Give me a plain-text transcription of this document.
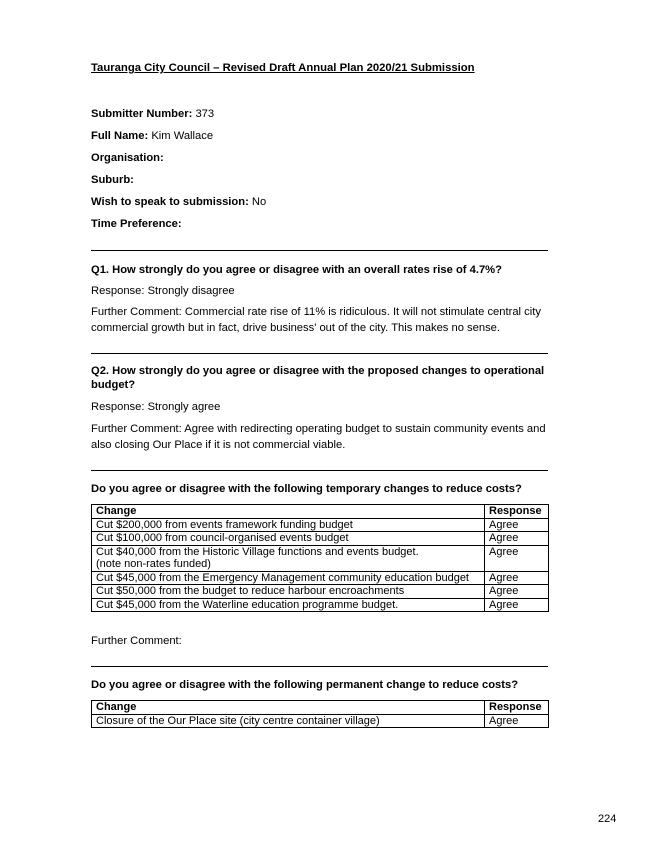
Tauranga City Council – Revised Draft Annual Plan 2020/21 Submission
Submitter Number: 373
Full Name: Kim Wallace
Organisation:
Suburb:
Wish to speak to submission: No
Time Preference:
Q1. How strongly do you agree or disagree with an overall rates rise of 4.7%?
Response: Strongly disagree
Further Comment: Commercial rate rise of 11% is ridiculous. It will not stimulate central city commercial growth but in fact, drive business' out of the city. This makes no sense.
Q2. How strongly do you agree or disagree with the proposed changes to operational budget?
Response: Strongly agree
Further Comment: Agree with redirecting operating budget to sustain community events and also closing Our Place if it is not commercial viable.
Do you agree or disagree with the following temporary changes to reduce costs?
Change	Response
Cut $200,000 from events framework funding budget	Agree
Cut $100,000 from council-organised events budget	Agree
Cut $40,000 from the Historic Village functions and events budget.
(note non-rates funded)	Agree
Cut $45,000 from the Emergency Management community education budget	Agree
Cut $50,000 from the budget to reduce harbour encroachments	Agree
Cut $45,000 from the Waterline education programme budget.	Agree
Further Comment:
Do you agree or disagree with the following permanent change to reduce costs?
Change	Response
Closure of the Our Place site (city centre container village)	Agree
224
